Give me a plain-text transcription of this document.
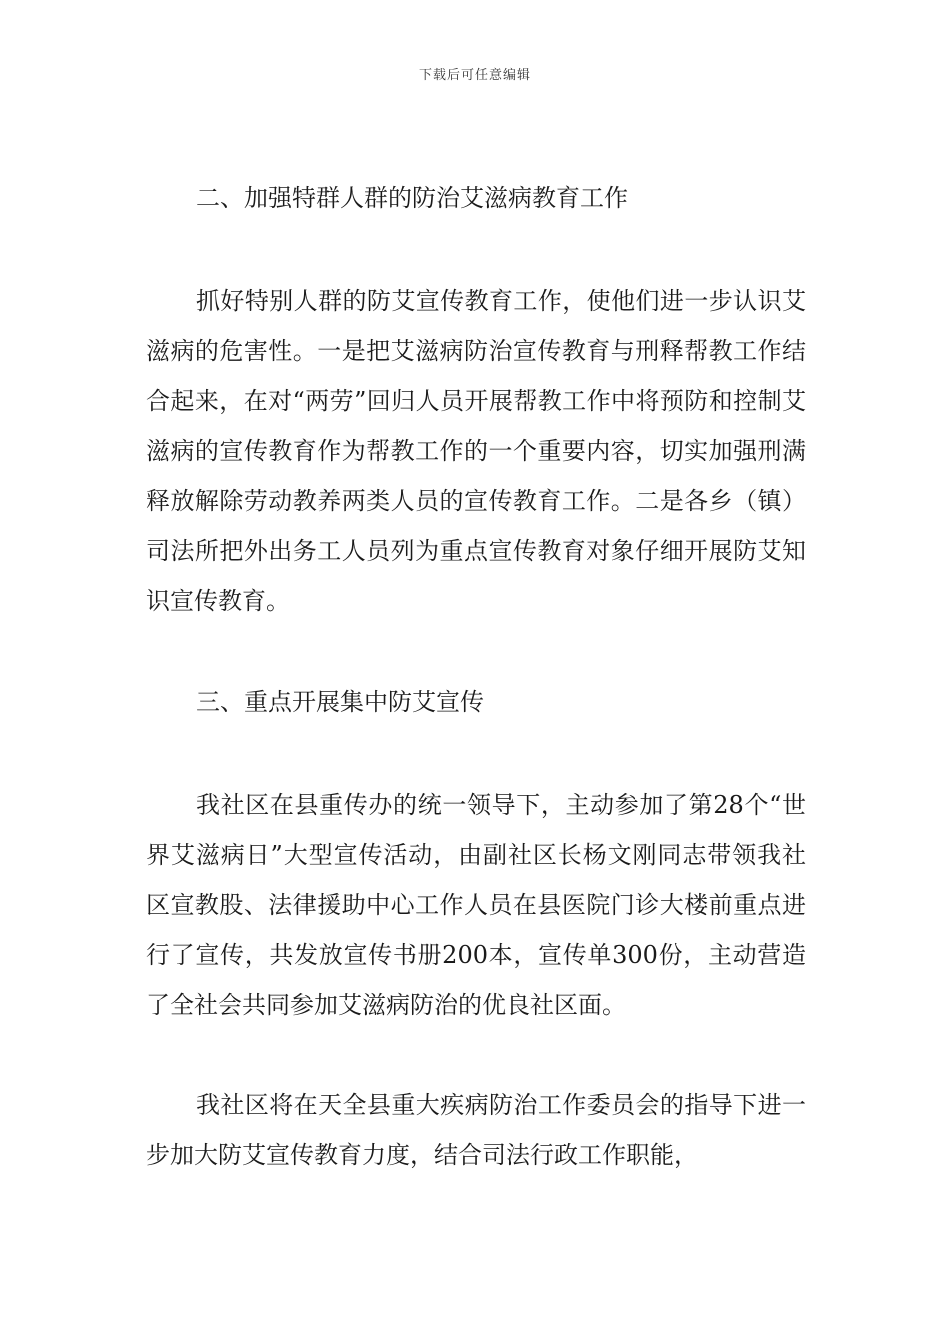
下载后可任意编辑
二、加强特群人群的防治艾滋病教育工作

抓好特别人群的防艾宣传教育工作，使他们进一步认识艾滋病的危害性。一是把艾滋病防治宣传教育与刑释帮教工作结合起来，在对“两劳”回归人员开展帮教工作中将预防和控制艾滋病的宣传教育作为帮教工作的一个重要内容，切实加强刑满释放解除劳动教养两类人员的宣传教育工作。二是各乡（镇）司法所把外出务工人员列为重点宣传教育对象仔细开展防艾知识宣传教育。

三、重点开展集中防艾宣传

我社区在县重传办的统一领导下，主动参加了第28个“世界艾滋病日”大型宣传活动，由副社区长杨文刚同志带领我社区宣教股、法律援助中心工作人员在县医院门诊大楼前重点进行了宣传，共发放宣传书册200本，宣传单300份，主动营造了全社会共同参加艾滋病防治的优良社区面。

我社区将在天全县重大疾病防治工作委员会的指导下进一步加大防艾宣传教育力度，结合司法行政工作职能，
